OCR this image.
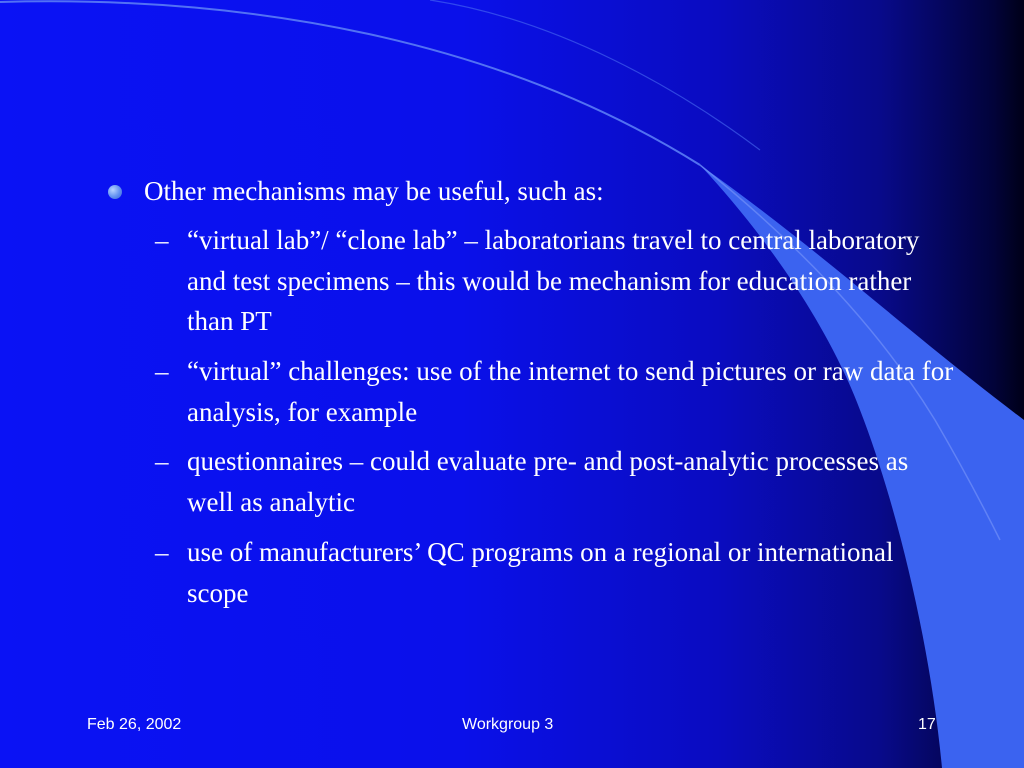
Other mechanisms may be useful, such as:
– “virtual lab”/ “clone lab” – laboratorians travel to central laboratory and test specimens – this would be mechanism for education rather than PT
– “virtual” challenges: use of the internet to send pictures or raw data for analysis, for example
– questionnaires – could evaluate pre- and post-analytic processes as well as analytic
– use of manufacturers’ QC programs on a regional or international scope
Feb 26, 2002	Workgroup 3	17
